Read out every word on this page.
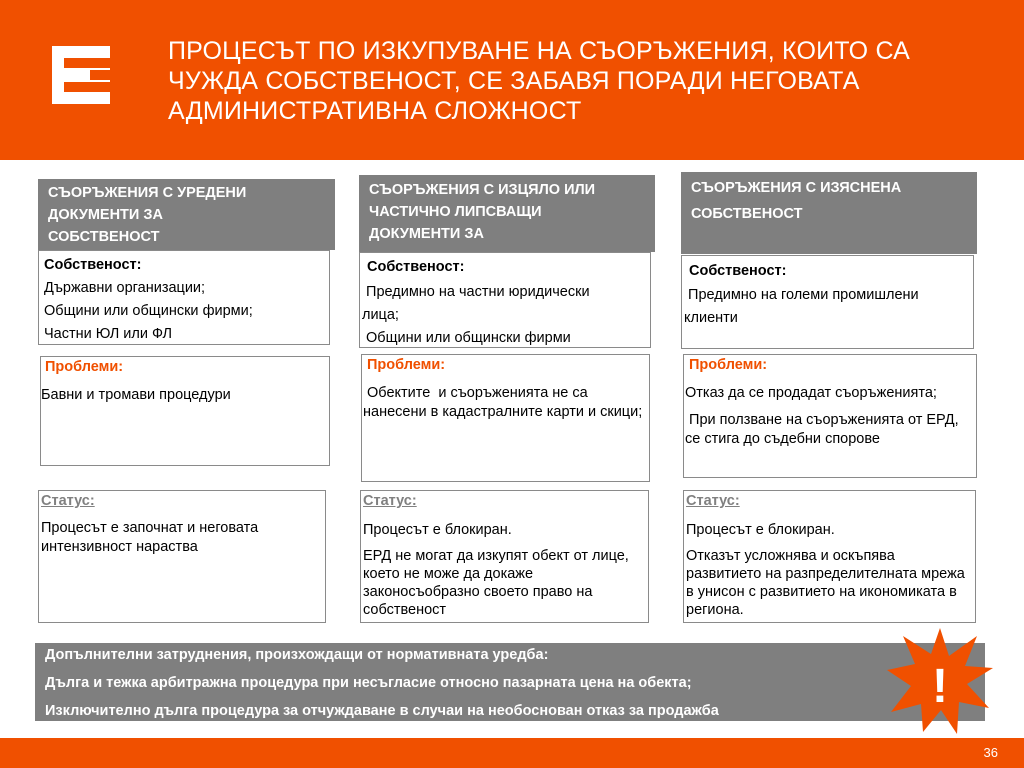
ПРОЦЕСЪТ ПО ИЗКУПУВАНЕ НА СЪОРЪЖЕНИЯ, КОИТО СА
ЧУЖДА СОБСТВЕНОСТ, СЕ ЗАБАВЯ ПОРАДИ НЕГОВАТА
АДМИНИСТРАТИВНА СЛОЖНОСТ
СЪОРЪЖЕНИЯ С УРЕДЕНИ
ДОКУМЕНТИ ЗА
СОБСТВЕНОСТ

Собственост:

Държавни организации;

Общини или общински фирми;

Частни ЮЛ или ФЛ

Проблеми:

Бавни и тромави процедури

Статус:

Процесът е започнат и неговата интензивност нараства

СЪОРЪЖЕНИЯ С ИЗЦЯЛО ИЛИ
ЧАСТИЧНО ЛИПСВАЩИ
ДОКУМЕНТИ ЗА

Собственост:

Предимно на частни юридически

лица;

Общини или общински фирми

Проблеми:

Обектите  и съоръженията не са нанесени в кадастралните карти и скици;

Статус:

Процесът е блокиран.

ЕРД не могат да изкупят обект от лице, което не може да докаже законосъобразно своето право на собственост

СЪОРЪЖЕНИЯ С ИЗЯСНЕНА
СОБСТВЕНОСТ

Собственост:

Предимно на големи промишлени

клиенти

Проблеми:

Отказ да се продадат съоръженията;

При ползване на съоръженията от ЕРД, се стига до съдебни спорове

Статус:

Процесът е блокиран.

Отказът усложнява и оскъпява развитието на разпределителната мрежа в унисон с развитието на икономиката в региона.

Допълнителни затруднения, произхождащи от нормативната уредба:
Дълга и тежка арбитражна процедура при несъгласие относно пазарната цена на обекта;
Изключително дълга процедура за отчуждаване в случаи на необоснован отказ за продажба	!
36
